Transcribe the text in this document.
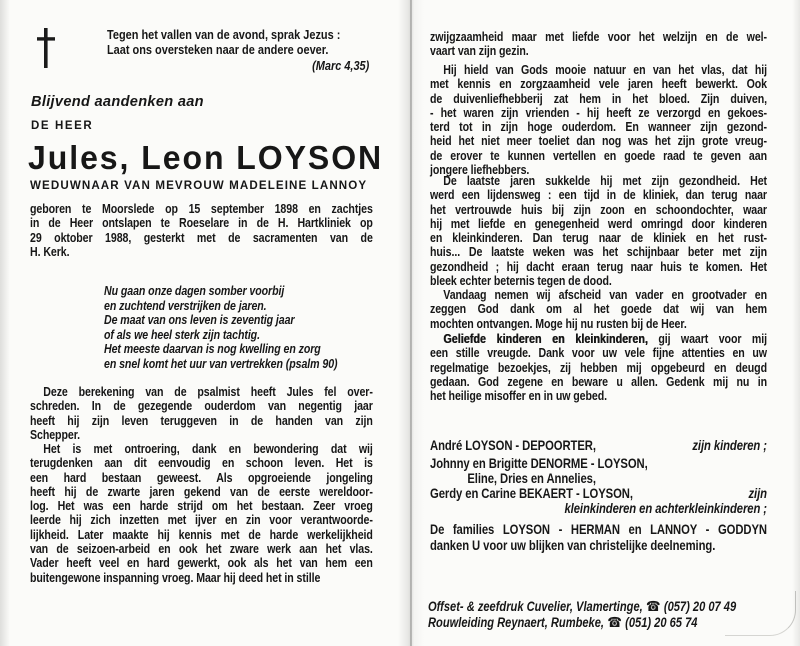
Tegen het vallen van de avond, sprak Jezus :
Laat ons oversteken naar de andere oever.
(Marc 4,35)
Blijvend aandenken aan
DE HEER
Jules, Leon LOYSON
WEDUWNAAR VAN MEVROUW MADELEINE LANNOY
geboren te Moorslede op 15 september 1898 en zachtjes
in de Heer ontslapen te Roeselare in de H. Hartkliniek op
29 oktober 1988, gesterkt met de sacramenten van de
H. Kerk.
Nu gaan onze dagen somber voorbij
en zuchtend verstrijken de jaren.
De maat van ons leven is zeventig jaar
of als we heel sterk zijn tachtig.
Het meeste daarvan is nog kwelling en zorg
en snel komt het uur van vertrekken (psalm 90)
Deze berekening van de psalmist heeft Jules fel over-
schreden. In de gezegende ouderdom van negentig jaar
heeft hij zijn leven teruggeven in de handen van zijn
Schepper.
Het is met ontroering, dank en bewondering dat wij
terugdenken aan dit eenvoudig en schoon leven. Het is
een hard bestaan geweest. Als opgroeiende jongeling
heeft hij de zwarte jaren gekend van de eerste wereldoor-
log. Het was een harde strijd om het bestaan. Zeer vroeg
leerde hij zich inzetten met ijver en zin voor verantwoorde-
lijkheid. Later maakte hij kennis met de harde werkelijkheid
van de seizoen-arbeid en ook het zware werk aan het vlas.
Vader heeft veel en hard gewerkt, ook als het van hem een
buitengewone inspanning vroeg. Maar hij deed het in stille
zwijgzaamheid maar met liefde voor het welzijn en de wel-
vaart van zijn gezin.
Hij hield van Gods mooie natuur en van het vlas, dat hij
met kennis en zorgzaamheid vele jaren heeft bewerkt. Ook
de duivenliefhebberij zat hem in het bloed. Zijn duiven,
- het waren zijn vrienden - hij heeft ze verzorgd en gekoes-
terd tot in zijn hoge ouderdom. En wanneer zijn gezond-
heid het niet meer toeliet dan nog was het zijn grote vreug-
de erover te kunnen vertellen en goede raad te geven aan
jongere liefhebbers.
De laatste jaren sukkelde hij met zijn gezondheid. Het
werd een lijdensweg : een tijd in de kliniek, dan terug naar
het vertrouwde huis bij zijn zoon en schoondochter, waar
hij met liefde en genegenheid werd omringd door kinderen
en kleinkinderen. Dan terug naar de kliniek en het rust-
huis... De laatste weken was het schijnbaar beter met zijn
gezondheid ; hij dacht eraan terug naar huis te komen. Het
bleek echter beternis tegen de dood.
Vandaag nemen wij afscheid van vader en grootvader en
zeggen God dank om al het goede dat wij van hem
mochten ontvangen. Moge hij nu rusten bij de Heer.
Geliefde kinderen en kleinkinderen, gij waart voor mij
een stille vreugde. Dank voor uw vele fijne attenties en uw
regelmatige bezoekjes, zij hebben mij opgebeurd en deugd
gedaan. God zegene en beware u allen. Gedenk mij nu in
het heilige misoffer en in uw gebed.
André LOYSON - DEPOORTER,	zijn kinderen ;
Johnny en Brigitte DENORME - LOYSON,
Eline, Dries en Annelies,
Gerdy en Carine BEKAERT - LOYSON,	zijn
kleinkinderen en achterkleinkinderen ;
De families LOYSON - HERMAN en LANNOY - GODDYN
danken U voor uw blijken van christelijke deelneming.
Offset- & zeefdruk Cuvelier, Vlamertinge, ☎ (057) 20 07 49
Rouwleiding Reynaert, Rumbeke, ☎ (051) 20 65 74
